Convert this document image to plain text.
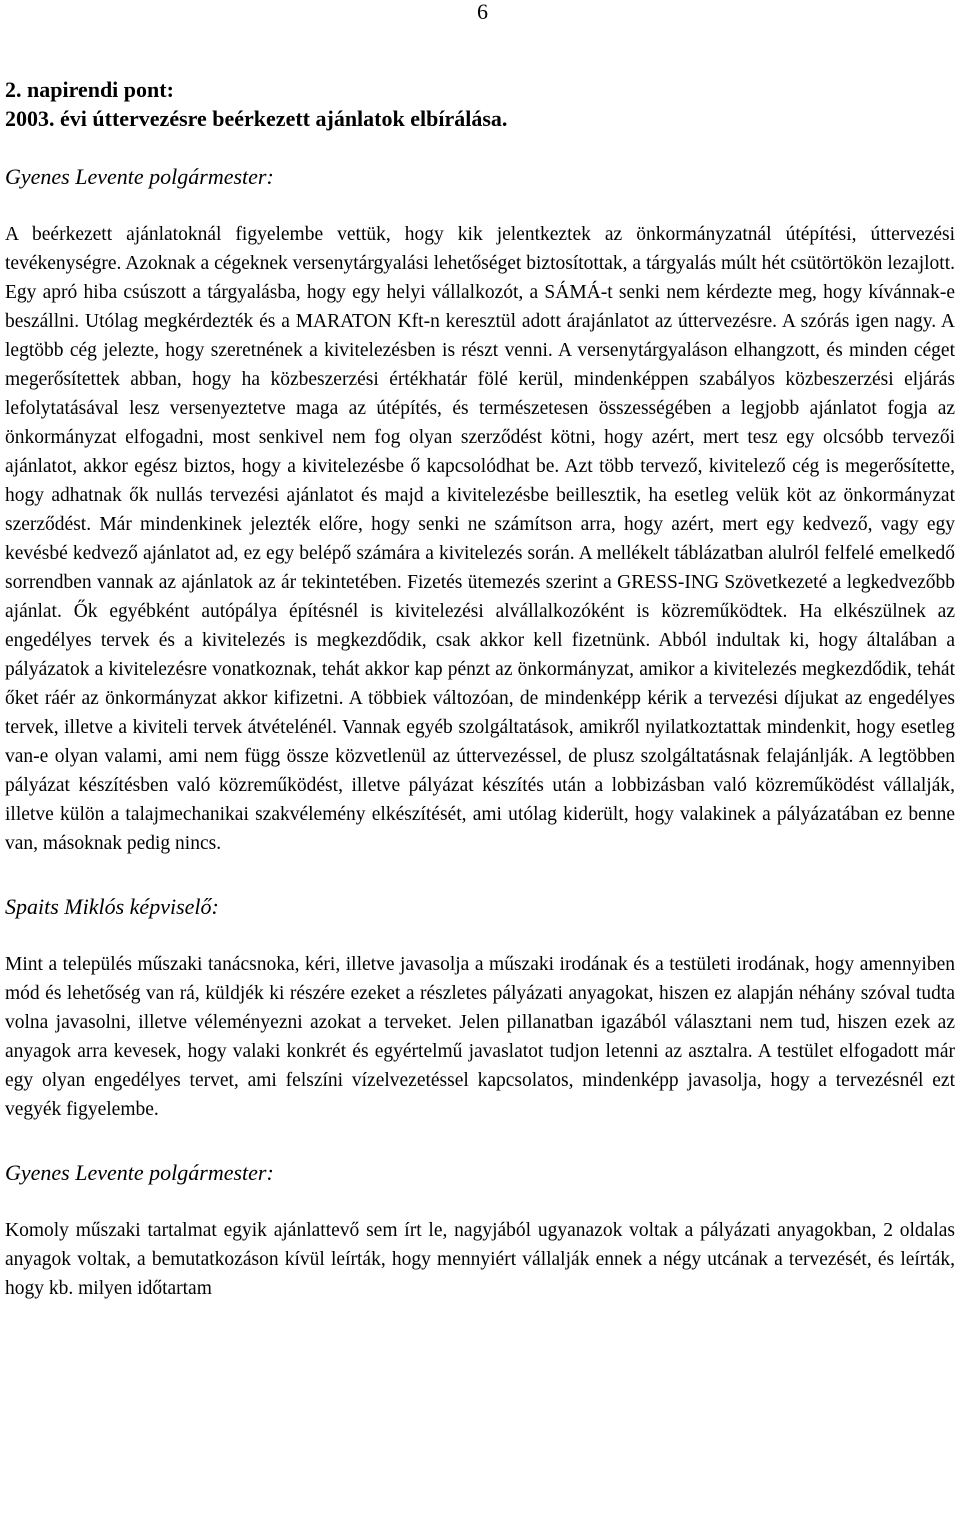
6

2. napirendi pont:

2003. évi úttervezésre beérkezett ajánlatok elbírálása.

Gyenes Levente polgármester:

A beérkezett ajánlatoknál figyelembe vettük, hogy kik jelentkeztek az önkormányzatnál útépítési, úttervezési tevékenységre. Azoknak a cégeknek versenytárgyalási lehetőséget biztosítottak, a tárgyalás múlt hét csütörtökön lezajlott. Egy apró hiba csúszott a tárgyalásba, hogy egy helyi vállalkozót, a SÁMÁ-t senki nem kérdezte meg, hogy kívánnak-e beszállni. Utólag megkérdezték és a MARATON Kft-n keresztül adott árajánlatot az úttervezésre. A szórás igen nagy. A legtöbb cég jelezte, hogy szeretnének a kivitelezésben is részt venni. A versenytárgyaláson elhangzott, és minden céget megerősítettek abban, hogy ha közbeszerzési értékhatár fölé kerül, mindenképpen szabályos közbeszerzési eljárás lefolytatásával lesz versenyeztetve maga az útépítés, és természetesen összességében a legjobb ajánlatot fogja az önkormányzat elfogadni, most senkivel nem fog olyan szerződést kötni, hogy azért, mert tesz egy olcsóbb tervezői ajánlatot, akkor egész biztos, hogy a kivitelezésbe ő kapcsolódhat be. Azt több tervező, kivitelező cég is megerősítette, hogy adhatnak ők nullás tervezési ajánlatot és majd a kivitelezésbe beillesztik, ha esetleg velük köt az önkormányzat szerződést. Már mindenkinek jelezték előre, hogy senki ne számítson arra, hogy azért, mert egy kedvező, vagy egy kevésbé kedvező ajánlatot ad, ez egy belépő számára a kivitelezés során. A mellékelt táblázatban alulról felfelé emelkedő sorrendben vannak az ajánlatok az ár tekintetében. Fizetés ütemezés szerint a GRESS-ING Szövetkezeté a legkedvezőbb ajánlat. Ők egyébként autópálya építésnél is kivitelezési alvállalkozóként is közreműködtek. Ha elkészülnek az engedélyes tervek és a kivitelezés is megkezdődik, csak akkor kell fizetnünk. Abból indultak ki, hogy általában a pályázatok a kivitelezésre vonatkoznak, tehát akkor kap pénzt az önkormányzat, amikor a kivitelezés megkezdődik, tehát őket ráér az önkormányzat akkor kifizetni. A többiek változóan, de mindenképp kérik a tervezési díjukat az engedélyes tervek, illetve a kiviteli tervek átvételénél. Vannak egyéb szolgáltatások, amikről nyilatkoztattak mindenkit, hogy esetleg van-e olyan valami, ami nem függ össze közvetlenül az úttervezéssel, de plusz szolgáltatásnak felajánlják. A legtöbben pályázat készítésben való közreműködést, illetve pályázat készítés után a lobbizásban való közreműködést vállalják, illetve külön a talajmechanikai szakvélemény elkészítését, ami utólag kiderült, hogy valakinek a pályázatában ez benne van, másoknak pedig nincs.

Spaits Miklós képviselő:

Mint a település műszaki tanácsnoka, kéri, illetve javasolja a műszaki irodának és a testületi irodának, hogy amennyiben mód és lehetőség van rá, küldjék ki részére ezeket a részletes pályázati anyagokat, hiszen ez alapján néhány szóval tudta volna javasolni, illetve véleményezni azokat a terveket. Jelen pillanatban igazából választani nem tud, hiszen ezek az anyagok arra kevesek, hogy valaki konkrét és egyértelmű javaslatot tudjon letenni az asztalra. A testület elfogadott már egy olyan engedélyes tervet, ami felszíni vízelvezetéssel kapcsolatos, mindenképp javasolja, hogy a tervezésnél ezt vegyék figyelembe.

Gyenes Levente polgármester:

Komoly műszaki tartalmat egyik ajánlattevő sem írt le, nagyjából ugyanazok voltak a pályázati anyagokban, 2 oldalas anyagok voltak, a bemutatkozáson kívül leírták, hogy mennyiért vállalják ennek a négy utcának a tervezését, és leírták, hogy kb. milyen időtartam
